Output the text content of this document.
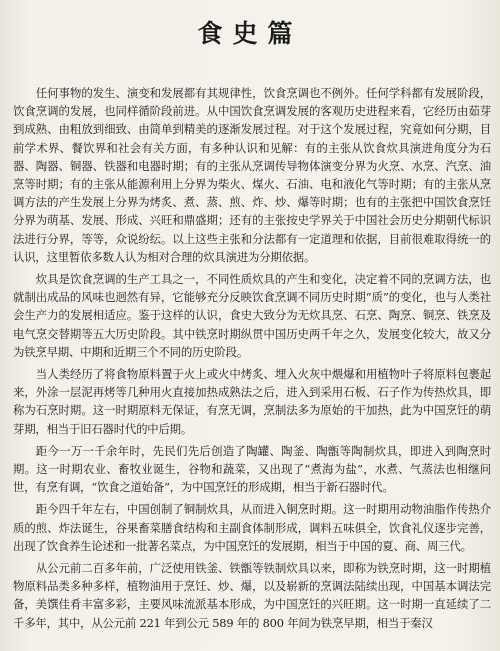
食史篇

任何事物的发生、演变和发展都有其规律性，饮食烹调也不例外。任何学科都有发展阶段，饮食烹调的发展，也同样循阶段前进。从中国饮食烹调发展的客观历史进程来看，它经历由茹芽到成熟、由粗放到细致、由简单到精美的逐渐发展过程。对于这个发展过程，究竟如何分期，目前学术界、餐饮界和社会有关方面，有多种认识和见解：有的主张从饮食炊具演进角度分为石器、陶器、铜器、铁器和电器时期；有的主张从烹调传导物体演变分界为火烹、水烹、汽烹、油烹等时期；有的主张从能源利用上分界为柴火、煤火、石油、电和液化气等时期；有的主张从烹调方法的产生发展上分界为烤炙、煮、蒸、煎、炸、炒、爆等时期；也有的主张把中国饮食烹饪分界为萌基、发展、形成、兴旺和鼎盛期；还有的主张按史学界关于中国社会历史分期朝代标识法进行分界，等等，众说纷纭。以上这些主张和分法都有一定道理和依据，目前很难取得统一的认识，这里暂依多数人认为相对合理的炊具演进为分期依据。

炊具是饮食烹调的生产工具之一，不同性质炊具的产生和变化，决定着不同的烹调方法，也就制出成品的风味也迥然有异，它能够充分反映饮食烹调不同历史时期“质”的变化，也与人类社会生产力的发展相适应。鉴于这样的认识，食史大致分为无炊具烹、石烹、陶烹、铜烹、铁烹及电气烹交替期等五大历史阶段。其中铁烹时期纵贯中国历史两千年之久，发展变化较大，故又分为铁烹早期、中期和近期三个不同的历史阶段。

当人类经历了将食物原料置于火上或火中烤炙、埋入火灰中煨爆和用植物叶子将原料包裹起来，外涂一层泥再烤等几种用火直接加热成熟法之后，进入到采用石板、石子作为传热炊具，即称为石烹时期。这一时期原料无保证，有烹无调，烹制法多为原始的干加热，此为中国烹饪的萌芽期，相当于旧石器时代的中后期。

距今一万一千余年时，先民们先后创造了陶罐、陶釜、陶甑等陶制炊具，即进入到陶烹时期。这一时期农业、畜牧业诞生，谷物和蔬菜，又出现了“煮海为盐”，水煮、气蒸法也相继问世，有烹有调，“饮食之道始备”，为中国烹饪的形成期，相当于新石器时代。

距今四千年左右，中国创制了铜制炊具，从而进入铜烹时期。这一时期用动物油脂作传热介质的煎、炸法诞生，谷果畜菜膳食结构和主副食体制形成，调料五味俱全，饮食礼仪逐步完善，出现了饮食养生论述和一批著名菜点，为中国烹饪的发展期，相当于中国的夏、商、周三代。

从公元前二百多年前，广泛使用铁釜、铁甑等铁制炊具以来，即称为铁烹时期，这一时期植物原料品类多种多样，植物油用于烹饪、炒、爆，以及崭新的烹调法陆续出现，中国基本调法完备，美馔佳肴丰富多彩，主要风味流派基本形成，为中国烹饪的兴旺期。这一时期一直延续了二千多年，其中，从公元前 221 年到公元 589 年的 800 年间为铁烹早期，相当于秦汉
